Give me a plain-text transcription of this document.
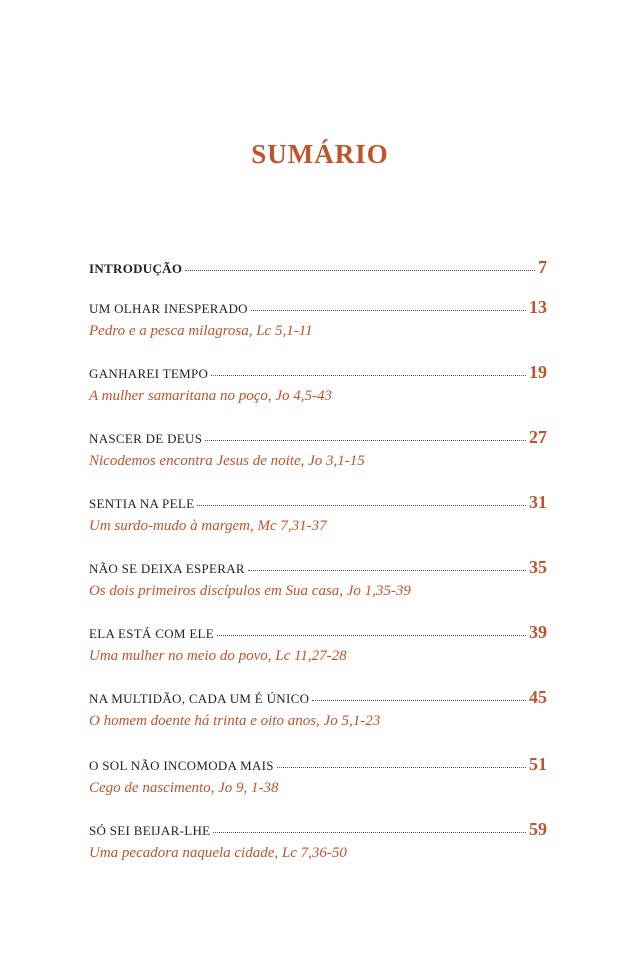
SUMÁRIO
INTRODUÇÃO	7
UM OLHAR INESPERADO	13
Pedro e a pesca milagrosa, Lc 5,1-11
GANHAREI TEMPO	19
A mulher samaritana no poço, Jo 4,5-43
NASCER DE DEUS	27
Nicodemos encontra Jesus de noite, Jo 3,1-15
SENTIA NA PELE	31
Um surdo-mudo à margem, Mc 7,31-37
NÃO SE DEIXA ESPERAR	35
Os dois primeiros discípulos em Sua casa, Jo 1,35-39
ELA ESTÁ COM ELE	39
Uma mulher no meio do povo, Lc 11,27-28
NA MULTIDÃO, CADA UM É ÚNICO	45
O homem doente há trinta e oito anos, Jo 5,1-23
O SOL NÃO INCOMODA MAIS	51
Cego de nascimento, Jo 9, 1-38
SÓ SEI BEIJAR-LHE	59
Uma pecadora naquela cidade, Lc 7,36-50
